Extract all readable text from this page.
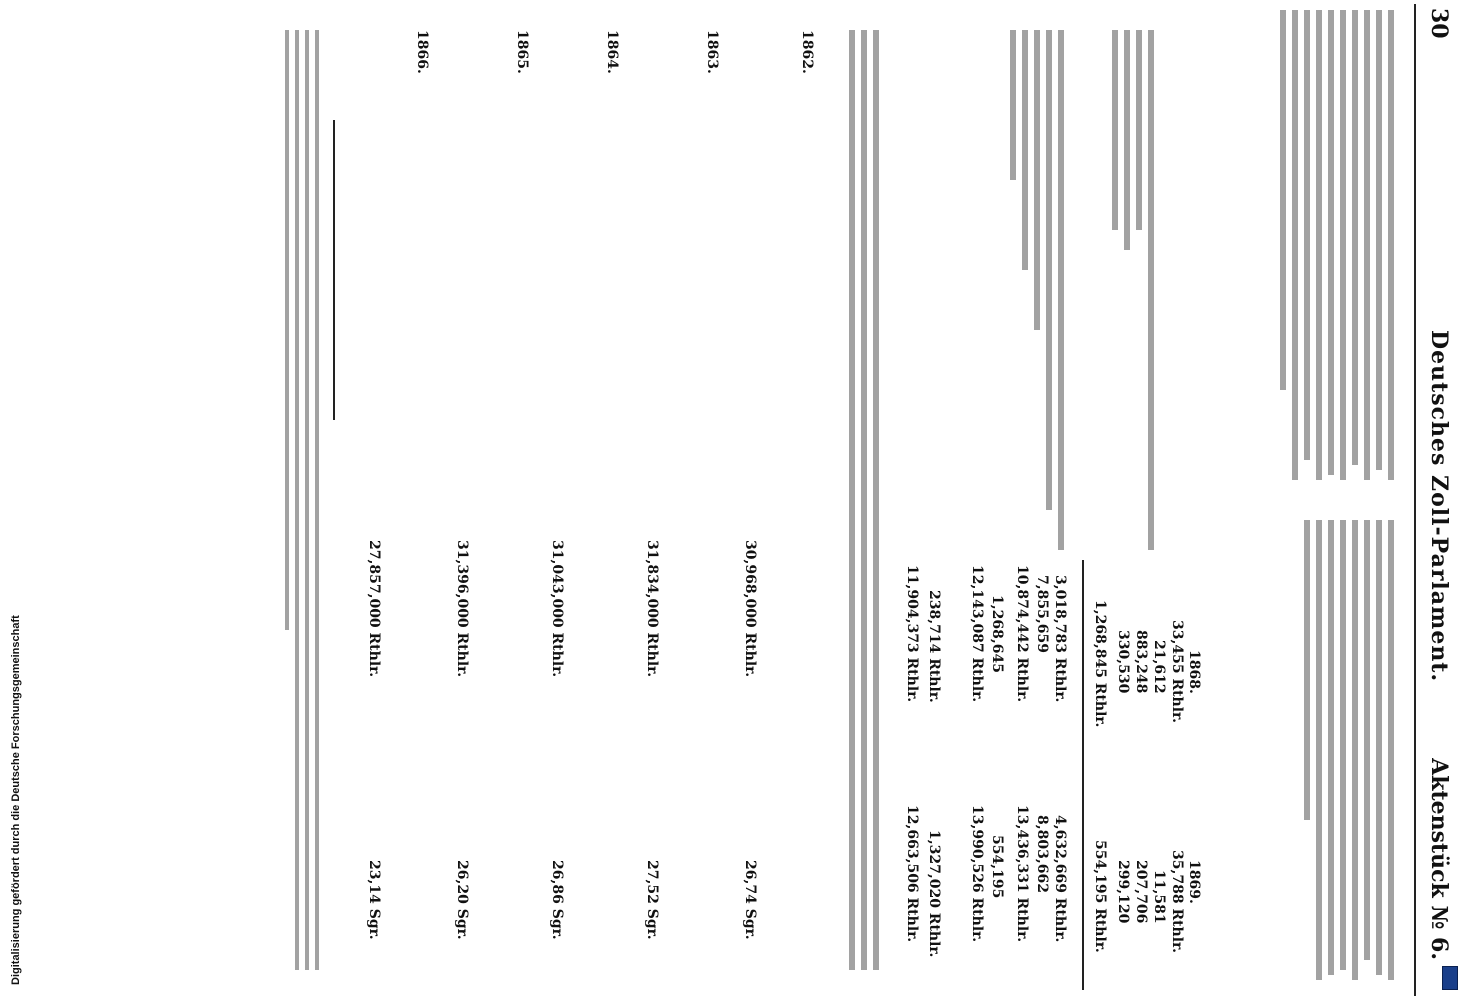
30
Deutsches Zoll-Parlament.
Aktenstück № 6.
1868.
1869.
33,455 Rthlr.
21,612
883,248
330,530
1,268,845 Rthlr.
35,788 Rthlr.
11,581
207,706
299,120
554,195 Rthlr.
3,018,783 Rthlr.
7,855,659
10,874,442 Rthlr.
1,268,645
12,143,087 Rthlr.
238,714 Rthlr.
11,904,373 Rthlr.
4,632,669 Rthlr.
8,803,662
13,436,331 Rthlr.
554,195
13,990,526 Rthlr.
1,327,020 Rthlr.
12,663,506 Rthlr.
1862.
1863.
1864.
1865.
1866.
30,968,000 Rthlr.
31,834,000 Rthlr.
31,043,000 Rthlr.
31,396,000 Rthlr.
27,857,000 Rthlr.
26,74 Sgr.
27,52 Sgr.
26,86 Sgr.
26,20 Sgr.
23,14 Sgr.
Digitalisierung gefördert durch die Deutsche Forschungsgemeinschaft
